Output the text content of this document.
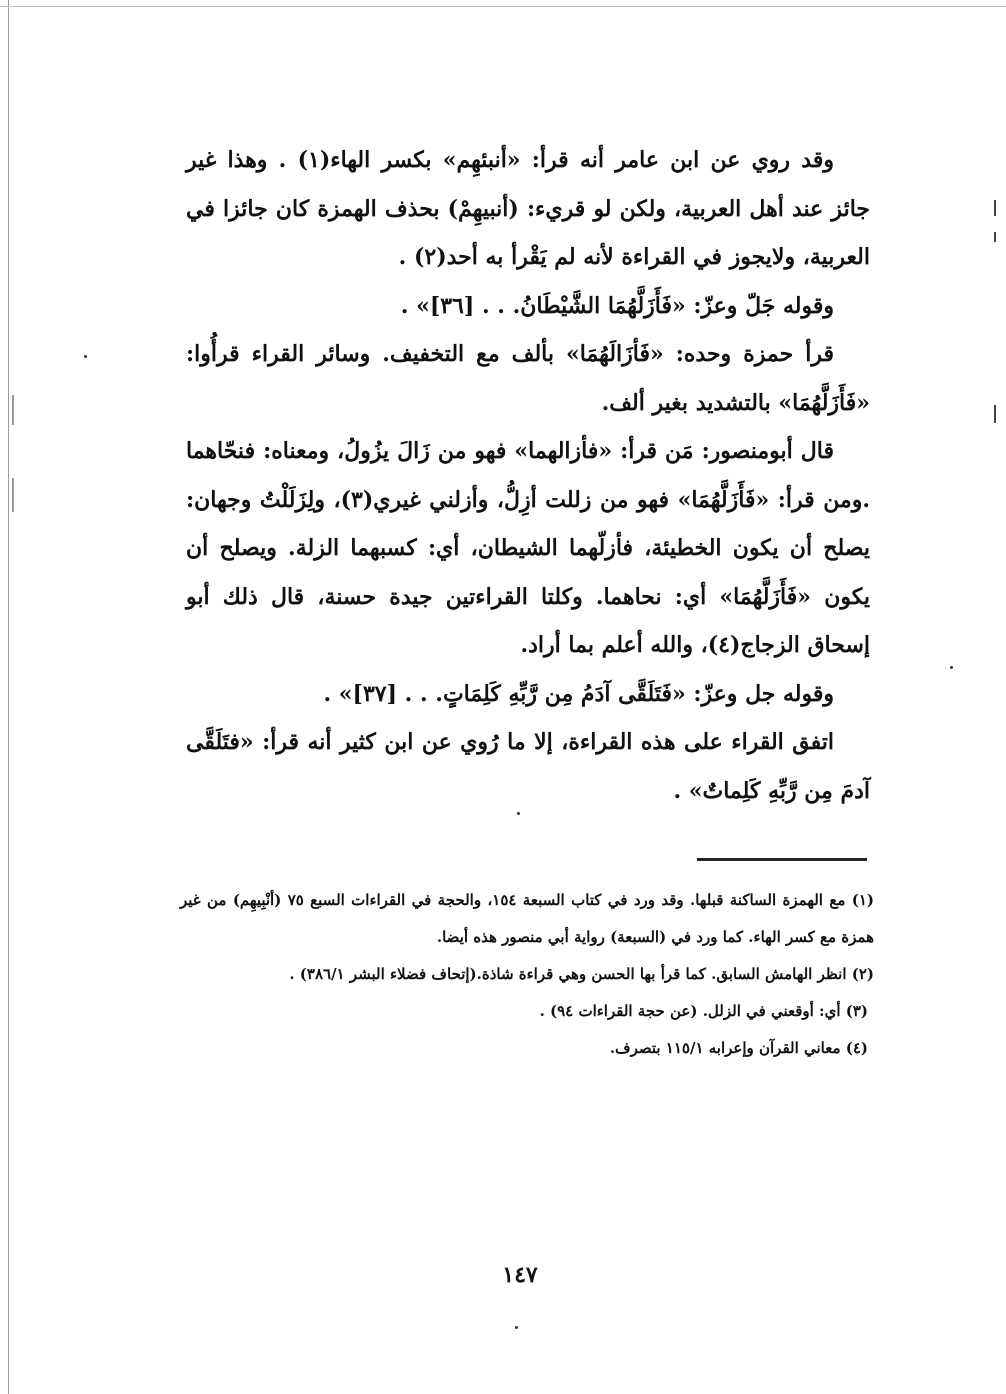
وقد روي عن ابن عامر أنه قرأ: «أنبئهِم» بكسر الهاء(١) . وهذا غير جائز عند أهل العربية، ولكن لو قريء: (أنبيهِمْ) بحذف الهمزة كان جائزا في العربية، ولايجوز في القراءة لأنه لم يَقْرأ به أحد(٢) .

وقوله جَلّ وعزّ: «فَأَزَلَّهُمَا الشَّيْطَانُ. . . [٣٦]» .

قرأ حمزة وحده: «فَأزَالَهُمَا» بألف مع التخفيف. وسائر القراء قرأُوا: «فَأَزَلَّهُمَا» بالتشديد بغير ألف.

قال أبومنصور: مَن قرأ: «فأزالهما» فهو من زَالَ يزُولُ، ومعناه: فنحّاهما .ومن قرأ: «فَأَزَلَّهُمَا» فهو من زللت أزِلُّ، وأزلني غيري(٣)، ولِزَلَلْتُ وجهان: يصلح أن يكون الخطيئة، فأزلّهما الشيطان، أي: كسبهما الزلة. ويصلح أن يكون «فَأَزَلَّهُمَا» أي: نحاهما. وكلتا القراءتين جيدة حسنة، قال ذلك أبو إسحاق الزجاج(٤)، والله أعلم بما أراد.

وقوله جل وعزّ: «فَتَلَقَّى آدَمُ مِن رَّبِّهِ كَلِمَاتٍ. . . [٣٧]» .

اتفق القراء على هذه القراءة، إلا ما رُوي عن ابن كثير أنه قرأ: «فتَلَقَّى آدمَ مِن رَّبِّهِ كَلِماتٌ» .

(١) مع الهمزة الساكنة قبلها. وقد ورد في كتاب السبعة ١٥٤، والحجة في القراءات السبع ٧٥ (أنْبِيهِم) من غير همزة مع كسر الهاء. كما ورد في (السبعة) رواية أبي منصور هذه أيضا.

(٢) انظر الهامش السابق. كما قرأ بها الحسن وهي قراءة شاذة.(إتحاف فضلاء البشر ٣٨٦/١) .

(٣) أي: أوقعني في الزلل. (عن حجة القراءات ٩٤) .

(٤) معاني القرآن وإعرابه ١١٥/١ بتصرف.

١٤٧
